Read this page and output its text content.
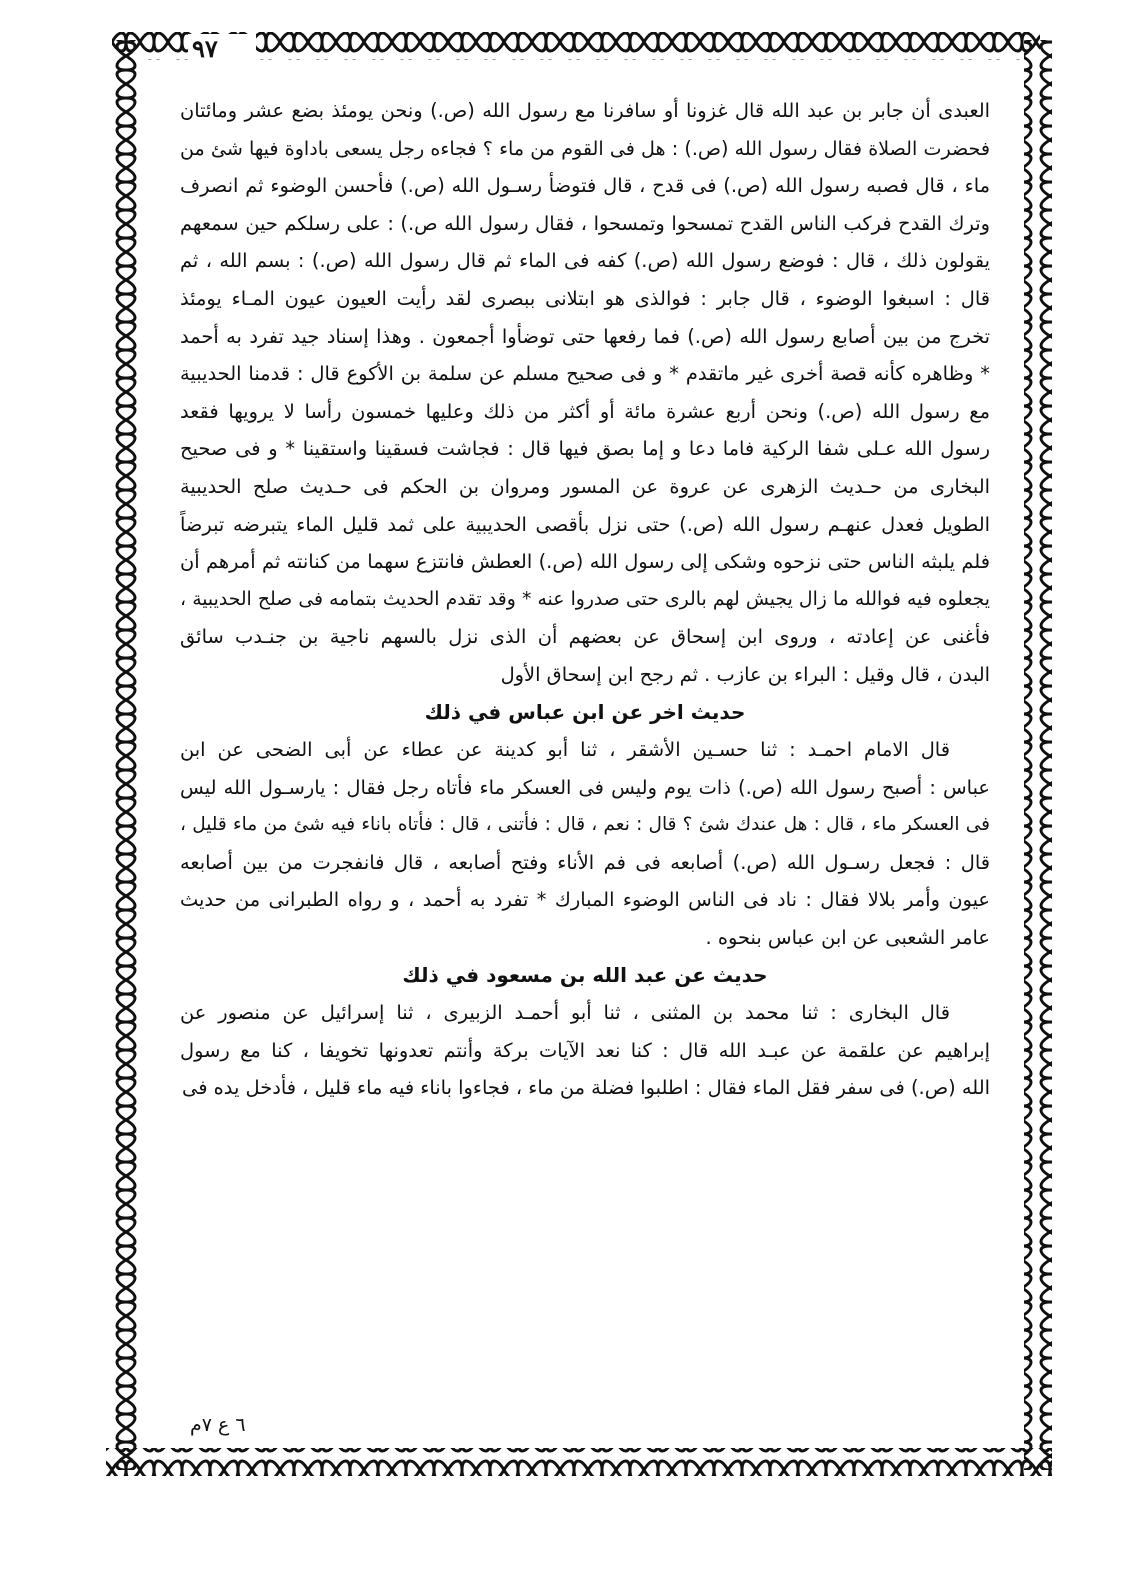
٩٧
العبدى أن جابر بن عبد الله قال غزونا أو سافرنا مع رسول الله (ص.) ونحن يومئذ بضع عشر ومائتان
فحضرت الصلاة فقال رسول الله (ص.) : هل فى القوم من ماء ؟ فجاءه رجل يسعى باداوة فيها شئ من
ماء ، قال فصبه رسول الله (ص.) فى قدح ، قال فتوضأ رسـول الله (ص.) فأحسن الوضوء ثم انصرف
وترك القدح فركب الناس القدح تمسحوا وتمسحوا ، فقال رسول الله ص.) : على رسلكم حين سمعهم
يقولون ذلك ، قال : فوضع رسول الله (ص.) كفه فى الماء ثم قال رسول الله (ص.) : بسم الله ، ثم
قال : اسبغوا الوضوء ، قال جابر : فوالذى هو ابتلانى ببصرى لقد رأيت العيون عيون المـاء يومئذ
تخرج من بين أصابع رسول الله (ص.) فما رفعها حتى توضأوا أجمعون . وهذا إسناد جيد تفرد به أحمد
* وظاهره كأنه قصة أخرى غير ماتقدم * و فى صحيح مسلم عن سلمة بن الأكوع قال : قدمنا الحديبية
مع رسول الله (ص.) ونحن أربع عشرة مائة أو أكثر من ذلك وعليها خمسون رأسا لا يرويها فقعد
رسول الله عـلى شفا الركية فاما دعا و إما بصق فيها قال : فجاشت فسقينا واستقينا * و فى صحيح
البخارى من حـديث الزهرى عن عروة عن المسور ومروان بن الحكم فى حـديث صلح الحديبية
الطويل فعدل عنهـم رسول الله (ص.) حتى نزل بأقصى الحديبية على ثمد قليل الماء يتبرضه تبرضاً
فلم يلبثه الناس حتى نزحوه وشكى إلى رسول الله (ص.) العطش فانتزع سهما من كنانته ثم أمرهم أن
يجعلوه فيه فوالله ما زال يجيش لهم بالرى حتى صدروا عنه * وقد تقدم الحديث بتمامه فى صلح الحديبية ،
فأغنى عن إعادته ، وروى ابن إسحاق عن بعضهم أن الذى نزل بالسهم ناجية بن جنـدب سائق
البدن ، قال وقيل : البراء بن عازب . ثم رجح ابن إسحاق الأول
حديث اخر عن ابن عباس في ذلك
قال الامام احمـد : ثنا حسـين الأشقر ، ثنا أبو كدينة عن عطاء عن أبى الضحى عن ابن
عباس : أصبح رسول الله (ص.) ذات يوم وليس فى العسكر ماء فأتاه رجل فقال : يارسـول الله ليس
فى العسكر ماء ، قال : هل عندك شئ ؟ قال : نعم ، قال : فأتنى ، قال : فأتاه باناء فيه شئ من ماء قليل ،
قال : فجعل رسـول الله (ص.) أصابعه فى فم الأناء وفتح أصابعه ، قال فانفجرت من بين أصابعه
عيون وأمر بلالا فقال : ناد فى الناس الوضوء المبارك * تفرد به أحمد ، و رواه الطبرانى من حديث
عامر الشعبى عن ابن عباس بنحوه .
حديث عن عبد الله بن مسعود في ذلك
قال البخارى : ثنا محمد بن المثنى ، ثنا أبو أحمـد الزبيرى ، ثنا إسرائيل عن منصور عن
إبراهيم عن علقمة عن عبـد الله قال : كنا نعد الآيات بركة وأنتم تعدونها تخويفا ، كنا مع رسول
الله (ص.) فى سفر فقل الماء فقال : اطلبوا فضلة من ماء ، فجاءوا باناء فيه ماء قليل ، فأدخل يده فى
٦ ع ٧م
